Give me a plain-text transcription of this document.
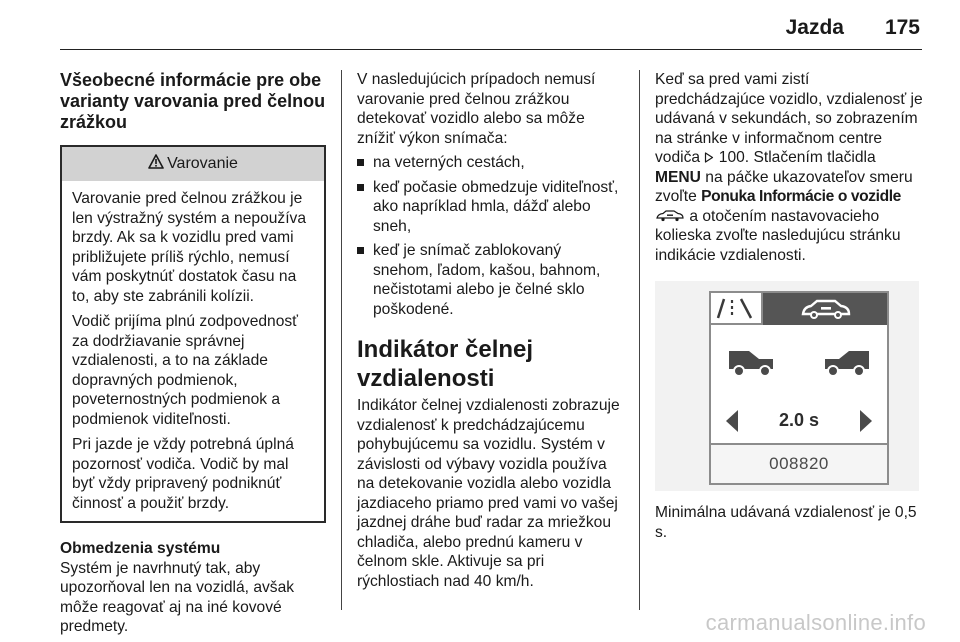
Jazda 175
Všeobecné informácie pre obe varianty varovania pred čelnou zrážkou
Varovanie

Varovanie pred čelnou zrážkou je len výstražný systém a nepoužíva brzdy. Ak sa k vozidlu pred vami približujete príliš rýchlo, nemusí vám poskytnúť dostatok času na to, aby ste zabránili kolízii.

Vodič prijíma plnú zodpovednosť za dodržiavanie správnej vzdialenosti, a to na základe dopravných podmienok, poveternostných podmienok a podmienok viditeľnosti.

Pri jazde je vždy potrebná úplná pozornosť vodiča. Vodič by mal byť vždy pripravený podniknúť činnosť a použiť brzdy.

Obmedzenia systému

Systém je navrhnutý tak, aby upozorňoval len na vozidlá, avšak môže reagovať aj na iné kovové predmety.

V nasledujúcich prípadoch nemusí varovanie pred čelnou zrážkou detekovať vozidlo alebo sa môže znížiť výkon snímača:

na veterných cestách,
keď počasie obmedzuje viditeľnosť, ako napríklad hmla, dážď alebo sneh,
keď je snímač zablokovaný snehom, ľadom, kašou, bahnom, nečistotami alebo je čelné sklo poškodené.
Indikátor čelnej vzdialenosti

Indikátor čelnej vzdialenosti zobrazuje vzdialenosť k predchádzajúcemu pohybujúcemu sa vozidlu. Systém v závislosti od výbavy vozidla používa na detekovanie vozidla alebo vozidla jazdiaceho priamo pred vami vo vašej jazdnej dráhe buď radar za mriežkou chladiča, alebo prednú kameru v čelnom skle. Aktivuje sa pri rýchlostiach nad 40 km/h.

Keď sa pred vami zistí predchádzajúce vozidlo, vzdialenosť je udávaná v sekundách, so zobrazením na stránke v informačnom centre vodiča 100. Stlačením tlačidla MENU na páčke ukazovateľov smeru zvoľte Ponuka Informácie o vozidle  a otočením nastavovacieho kolieska zvoľte nasledujúcu stránku indikácie vzdialenosti.

2.0 s
008820

Minimálna udávaná vzdialenosť je 0,5 s.

carmanualsonline.info
